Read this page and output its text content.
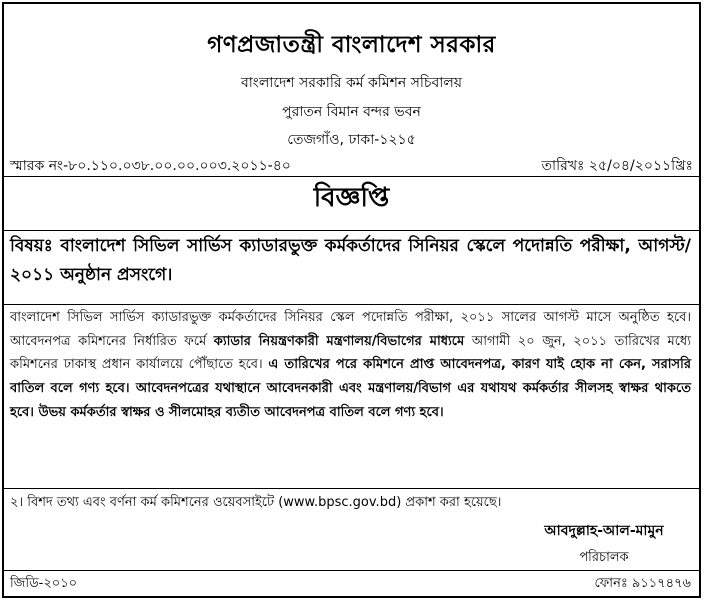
গণপ্রজাতন্ত্রী বাংলাদেশ সরকার
বাংলাদেশ সরকারি কর্ম কমিশন সচিবালয়
পুরাতন বিমান বন্দর ভবন
তেজগাঁও, ঢাকা-১২১৫
স্মারক নং-৮০.১১০.০৩৮.০০.০০.০০৩.২০১১-৪০	তারিখঃ ২৫/০৪/২০১১খ্রিঃ
বিজ্ঞপ্তি
বিষয়ঃ বাংলাদেশ সিভিল সার্ভিস ক্যাডারভুক্ত কর্মকর্তাদের সিনিয়র স্কেলে পদোন্নতি পরীক্ষা, আগস্ট/২০১১ অনুষ্ঠান প্রসংগে।
বাংলাদেশ সিভিল সার্ভিস ক্যাডারভুক্ত কর্মকর্তাদের সিনিয়র স্কেল পদোন্নতি পরীক্ষা, ২০১১ সালের আগস্ট মাসে অনুষ্ঠিত হবে। আবেদনপত্র কমিশনের নির্ধারিত ফর্মে ক্যাডার নিয়ন্ত্রণকারী মন্ত্রণালয়/বিভাগের মাধ্যমে আগামী ২০ জুন, ২০১১ তারিখের মধ্যে কমিশনের ঢাকাস্থ প্রধান কার্যালয়ে পৌঁছাতে হবে। এ তারিখের পরে কমিশনে প্রাপ্ত আবেদনপত্র, কারণ যাই হোক না কেন, সরাসরি বাতিল বলে গণ্য হবে। আবেদনপত্রের যথাস্থানে আবেদনকারী এবং মন্ত্রণালয়/বিভাগ এর যথাযথ কর্মকর্তার সীলসহ স্বাক্ষর থাকতে হবে। উভয় কর্মকর্তার স্বাক্ষর ও সীলমোহর ব্যতীত আবেদনপত্র বাতিল বলে গণ্য হবে।
২। বিশদ তথ্য এবং বর্ণনা কর্ম কমিশনের ওয়েবসাইটে (www.bpsc.gov.bd) প্রকাশ করা হয়েছে।
আবদুল্লাহ-আল-মামুন
পরিচালক
জিডি-২০১০	ফোনঃ ৯১১৭৪৭৬
